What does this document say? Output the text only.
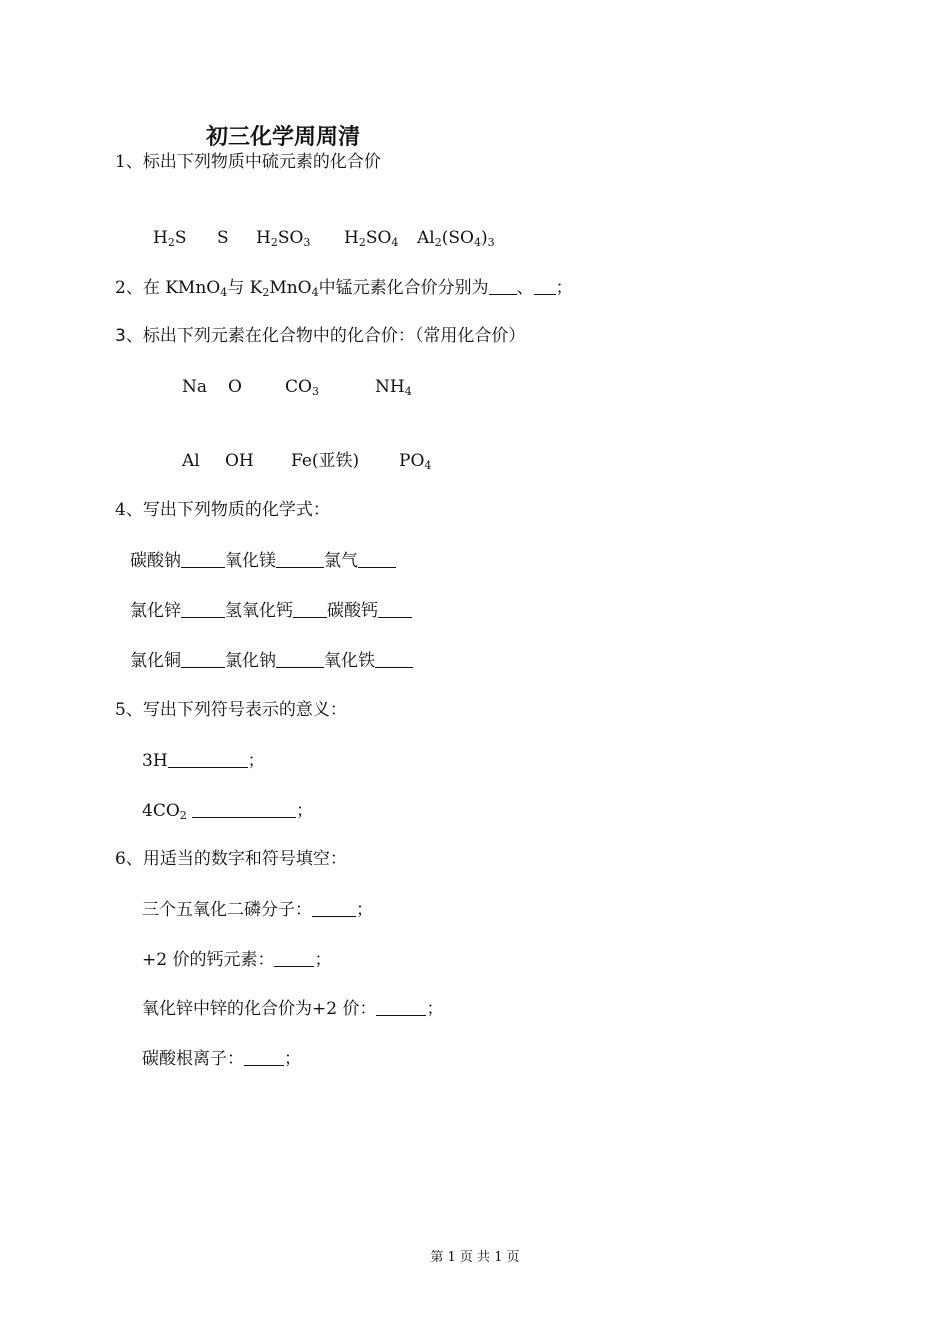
初三化学周周清
1、标出下列物质中硫元素的化合价
$H_2S$ S $H_2SO_3$ $H_2SO_4$ $Al_2(SO_4)_3$
2、在 KMnO$_4$与 $K_2MnO_4$中锰元素化合价分别为 、 ；
3、标出下列元素在化合物中的化合价：（常用化合价）
Na O	$CO_3$	$NH_4$
Al OH Fe(亚铁) $PO_4$
4、写出下列物质的化学式：
碳酸钠	氧化镁	氯气
氯化锌	氢氧化钙 碳酸钙
氯化铜	氯化钠	氧化铁
5、写出下列符号表示的意义：
3H	；
$4CO_2$	；
6、用适当的数字和符号填空：
三个五氧化二磷分子：	；
+2 价的钙元素： ；
氧化锌中锌的化合价为+2 价：	；
碳酸根离子： ；
第 1 页 共 1 页
